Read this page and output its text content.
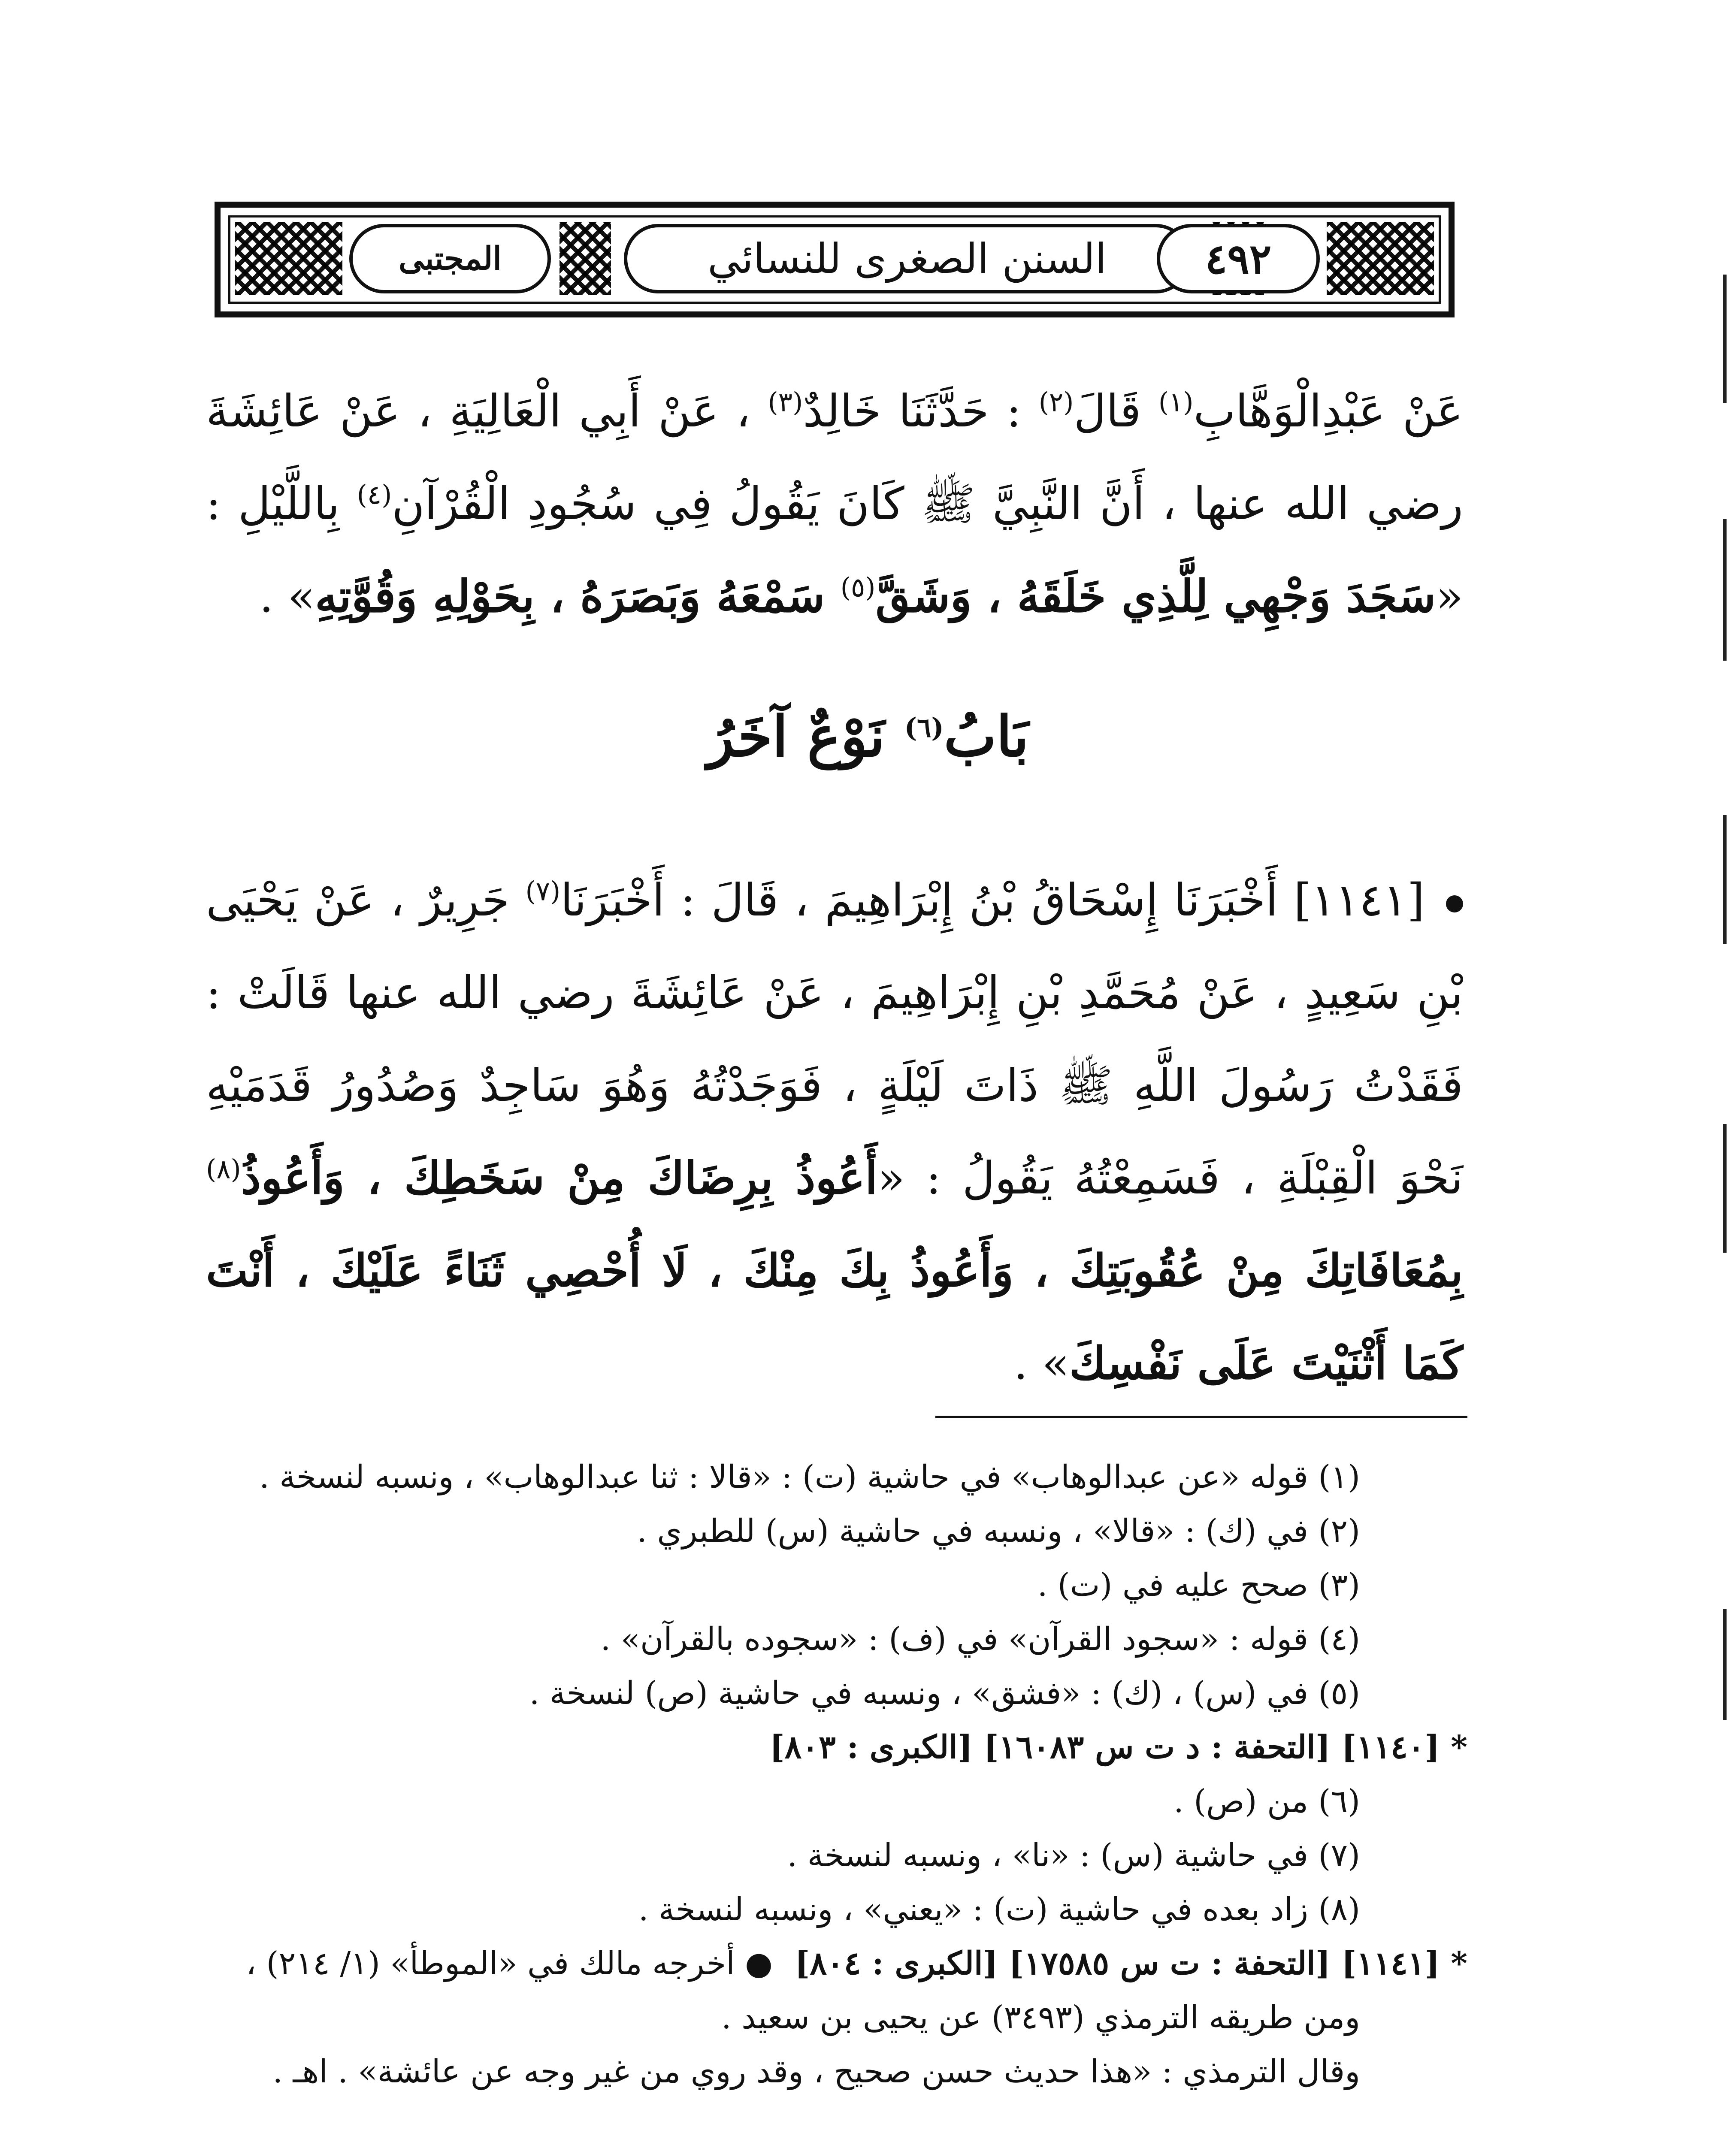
المجتبى	السنن الصغرى للنسائي	٤٩٢
عَنْ عَبْدِالْوَهَّابِ$^{(١)}$ قَالَ$^{(٢)}$ : حَدَّثَنَا خَالِدٌ$^{(٣)}$ ، عَنْ أَبِي الْعَالِيَةِ ، عَنْ عَائِشَةَ رضي الله عنها ، أَنَّ النَّبِيَّ ﷺ كَانَ يَقُولُ فِي سُجُودِ الْقُرْآنِ$^{(٤)}$ بِاللَّيْلِ : «سَجَدَ وَجْهِي لِلَّذِي خَلَقَهُ ، وَشَقَّ$^{(٥)}$ سَمْعَهُ وَبَصَرَهُ ، بِحَوْلِهِ وَقُوَّتِهِ» .
بَابُ$^{(٦)}$ نَوْعٌ آخَرُ
[١١٤١] أَخْبَرَنَا إِسْحَاقُ بْنُ إِبْرَاهِيمَ ، قَالَ : أَخْبَرَنَا$^{(٧)}$ جَرِيرٌ ، عَنْ يَحْيَى بْنِ سَعِيدٍ ، عَنْ مُحَمَّدِ بْنِ إِبْرَاهِيمَ ، عَنْ عَائِشَةَ رضي الله عنها قَالَتْ : فَقَدْتُ رَسُولَ اللَّهِ ﷺ ذَاتَ لَيْلَةٍ ، فَوَجَدْتُهُ وَهُوَ سَاجِدٌ وَصُدُورُ قَدَمَيْهِ نَحْوَ الْقِبْلَةِ ، فَسَمِعْتُهُ يَقُولُ : «أَعُوذُ بِرِضَاكَ مِنْ سَخَطِكَ ، وَأَعُوذُ$^{(٨)}$ بِمُعَافَاتِكَ مِنْ عُقُوبَتِكَ ، وَأَعُوذُ بِكَ مِنْكَ ، لَا أُحْصِي ثَنَاءً عَلَيْكَ ، أَنْتَ كَمَا أَثْنَيْتَ عَلَى نَفْسِكَ» .
(١) قوله «عن عبدالوهاب» في حاشية (ت) : «قالا : ثنا عبدالوهاب» ، ونسبه لنسخة .
(٢) في (ك) : «قالا» ، ونسبه في حاشية (س) للطبري .
(٣) صحح عليه في (ت) .
(٤) قوله : «سجود القرآن» في (ف) : «سجوده بالقرآن» .
(٥) في (س) ، (ك) : «فشق» ، ونسبه في حاشية (ص) لنسخة .
* [١١٤٠] [التحفة : د ت س ١٦٠٨٣] [الكبرى : ٨٠٣]
(٦) من (ص) .
(٧) في حاشية (س) : «نا» ، ونسبه لنسخة .
(٨) زاد بعده في حاشية (ت) : «يعني» ، ونسبه لنسخة .
* [١١٤١] [التحفة : ت س ١٧٥٨٥] [الكبرى : ٨٠٤]  ● أخرجه مالك في «الموطأ» (١/ ٢١٤) ،
ومن طريقه الترمذي (٣٤٩٣) عن يحيى بن سعيد .
وقال الترمذي : «هذا حديث حسن صحيح ، وقد روي من غير وجه عن عائشة» . اهـ .
